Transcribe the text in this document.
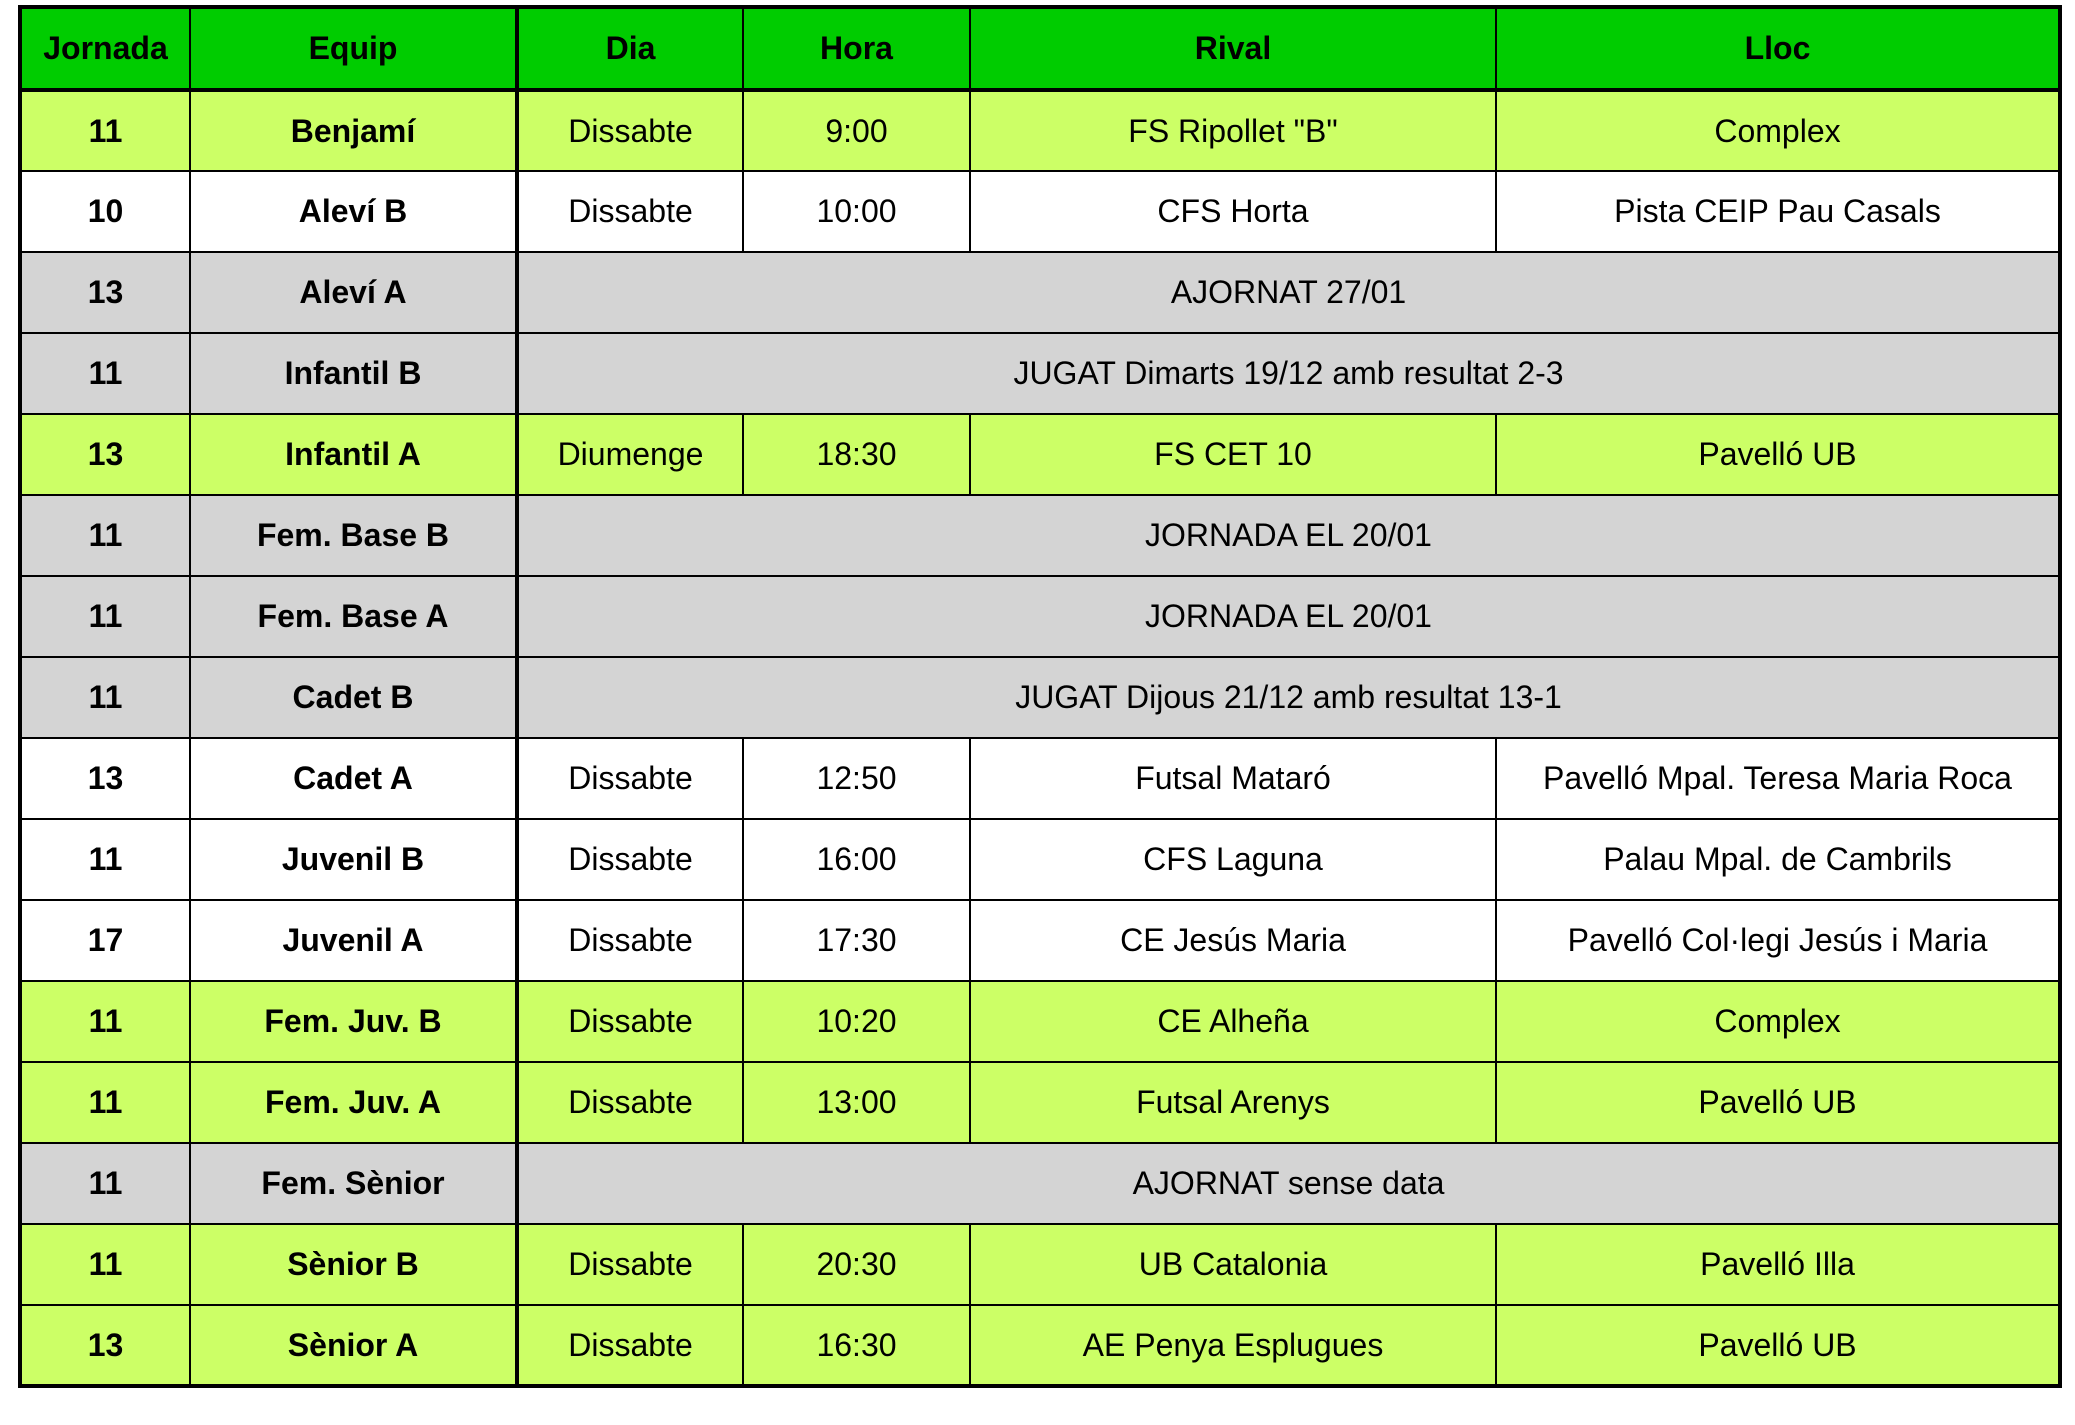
Jornada	Equip	Dia	Hora	Rival	Lloc
11	Benjamí	Dissabte	9:00	FS Ripollet "B"	Complex
10	Aleví B	Dissabte	10:00	CFS Horta	Pista CEIP Pau Casals
13	Aleví A	AJORNAT 27/01			
11	Infantil B	JUGAT Dimarts 19/12 amb resultat 2-3			
13	Infantil A	Diumenge	18:30	FS CET 10	Pavelló UB
11	Fem. Base B	JORNADA EL 20/01			
11	Fem. Base A	JORNADA EL 20/01			
11	Cadet B	JUGAT Dijous 21/12 amb resultat 13-1			
13	Cadet A	Dissabte	12:50	Futsal Mataró	Pavelló Mpal. Teresa Maria Roca
11	Juvenil B	Dissabte	16:00	CFS Laguna	Palau Mpal. de Cambrils
17	Juvenil A	Dissabte	17:30	CE Jesús Maria	Pavelló Col·legi Jesús i Maria
11	Fem. Juv. B	Dissabte	10:20	CE Alheña	Complex
11	Fem. Juv. A	Dissabte	13:00	Futsal Arenys	Pavelló UB
11	Fem. Sènior	AJORNAT sense data			
11	Sènior B	Dissabte	20:30	UB Catalonia	Pavelló Illa
13	Sènior A	Dissabte	16:30	AE Penya Esplugues	Pavelló UB
